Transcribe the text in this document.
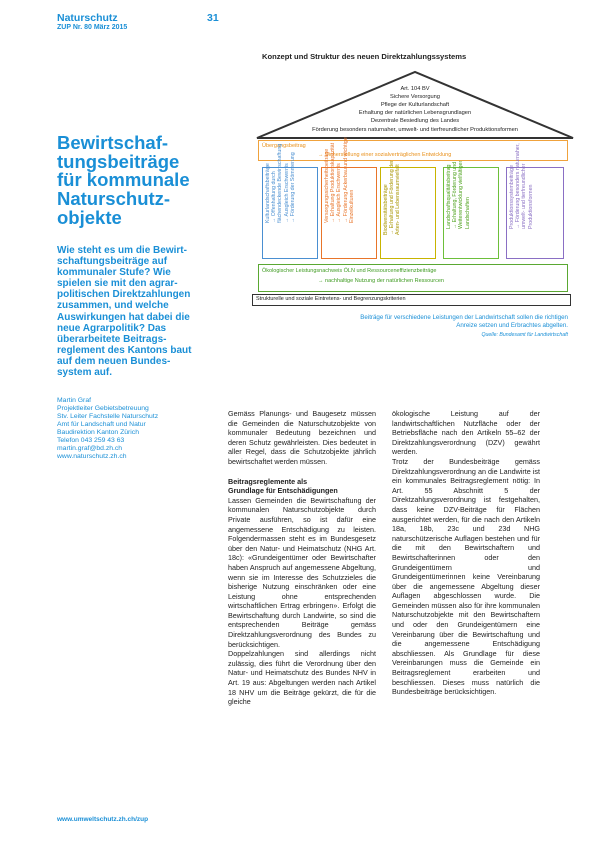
Naturschutz
ZUP Nr. 80 März 2015
31
Konzept und Struktur des neuen Direktzahlungssystems
Art. 104 BV
Sichere Versorgung
Pflege der Kulturlandschaft
Erhaltung der natürlichen Lebensgrundlagen
Dezentrale Besiedlung des Landes
Förderung besonders naturnaher, umwelt- und tierfreundlicher Produktionsformen
Übergangsbeitrag
→ Sicherstellung einer sozialverträglichen Entwicklung
Kulturlandschaftsbeiträge → Offenhaltung durch flächendeckende Bewirtschaftung → Ausgleich Erschwernis → Förderung der Sömmerung	Versorgungssicherheitsbeiträge → Erhaltung Produktionskapazität → Ausgleich Erschwernis → Förderung Ackerbau und wichtige Einzelkulturen	Biodiversitätsbeiträge → Erhaltung und Förderung der Arten- und Lebensraumvielfalt	Landschaftsqualitätsbeitrag → Erhaltung, Förderung und Weiterentwicklung vielfältiger Landschaften	Produktionssystembeiträge → Förderung besonders naturnaher, umwelt- und tierfreundlicher Produktionsformen
Ökologischer Leistungsnachweis ÖLN und Ressourceneffizienzbeiträge
→ nachhaltige Nutzung der natürlichen Ressourcen
Strukturelle und soziale Eintretens- und Begrenzungskriterien
Beiträge für verschiedene Leistungen der Landwirtschaft sollen die richtigen
Anreize setzen und Erbrachtes abgelten.
Quelle: Bundesamt für Landwirtschaft
Bewirtschaf-
tungsbeiträge
für kommunale
Naturschutz-
objekte
Wie steht es um die Bewirt-
schaftungsbeiträge auf
kommunaler Stufe? Wie
spielen sie mit den agrar-
politischen Direktzahlungen
zusammen, und welche
Auswirkungen hat dabei die
neue Agrarpolitik? Das
überarbeitete Beitrags-
reglement des Kantons baut
auf dem neuen Bundes-
system auf.
Martin Graf
Projektleiter Gebietsbetreuung
Stv. Leiter Fachstelle Naturschutz
Amt für Landschaft und Natur
Baudirektion Kanton Zürich
Telefon 043 259 43 63
martin.graf@bd.zh.ch
www.naturschutz.zh.ch

Gemäss Planungs- und Baugesetz müssen die Gemeinden die Naturschutzobjekte von kommunaler Bedeutung bezeichnen und deren Schutz gewährleisten. Dies bedeutet in aller Regel, dass die Schutzobjekte jährlich bewirtschaftet werden müssen.

Beitragsreglemente als
Grundlage für Entschädigungen

Lassen Gemeinden die Bewirtschaftung der kommunalen Naturschutzobjekte durch Private ausführen, so ist dafür eine angemessene Entschädigung zu leisten. Folgendermassen steht es im Bundesgesetz über den Natur- und Heimatschutz (NHG Art. 18c): «Grundeigentümer oder Bewirtschafter haben Anspruch auf angemessene Abgeltung, wenn sie im Interesse des Schutzzieles die bisherige Nutzung einschränken oder eine Leistung ohne entsprechenden wirtschaftlichen Ertrag erbringen». Erfolgt die Bewirtschaftung durch Landwirte, so sind die entsprechenden Beiträge gemäss Direktzahlungsverordnung des Bundes zu berücksichtigen.

Doppelzahlungen sind allerdings nicht zulässig, dies führt die Verordnung über den Natur- und Heimatschutz des Bundes NHV in Art. 19 aus: Abgeltungen werden nach Artikel 18 NHV um die Beiträge gekürzt, die für die gleiche

ökologische Leistung auf der landwirtschaftlichen Nutzfläche oder der Betriebsfläche nach den Artikeln 55–62 der Direktzahlungsverordnung (DZV) gewährt werden.

Trotz der Bundesbeiträge gemäss Direktzahlungsverordnung an die Landwirte ist ein kommunales Beitragsreglement nötig: In Art. 55 Abschnitt 5 der Direktzahlungsverordnung ist festgehalten, dass keine DZV-Beiträge für Flächen ausgerichtet werden, für die nach den Artikeln 18a, 18b, 23c und 23d NHG naturschützerische Auflagen bestehen und für die mit den Bewirtschaftern und Bewirtschafterinnen oder den Grundeigentümern und Grundeigentümerinnen keine Vereinbarung über die angemessene Abgeltung dieser Auflagen abgeschlossen wurde. Die Gemeinden müssen also für ihre kommunalen Naturschutzobjekte mit den Bewirtschaftern und oder den Grundeigentümern eine Vereinbarung über die Bewirtschaftung und die angemessene Entschädigung abschliessen. Als Grundlage für diese Vereinbarungen muss die Gemeinde ein Beitragsreglement erarbeiten und beschliessen. Dieses muss natürlich die Bundesbeiträge berücksichtigen.

www.umweltschutz.zh.ch/zup
